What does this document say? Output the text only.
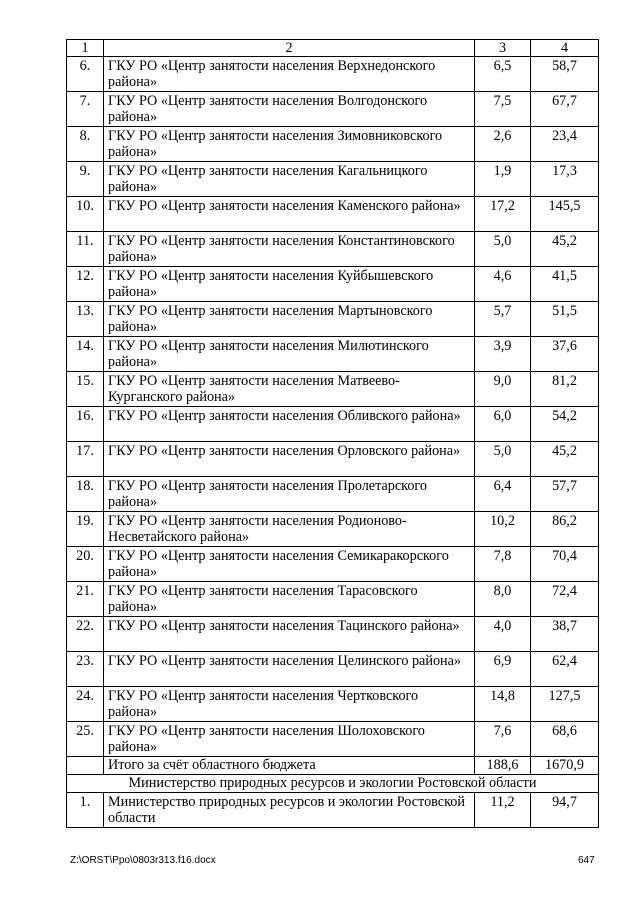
1	2	3	4
6.	ГКУ РО «Центр занятости населения Верхнедонского района»	6,5	58,7
7.	ГКУ РО «Центр занятости населения Волгодонского района»	7,5	67,7
8.	ГКУ РО «Центр занятости населения Зимовниковского района»	2,6	23,4
9.	ГКУ РО «Центр занятости населения Кагальницкого района»	1,9	17,3
10.	ГКУ РО «Центр занятости населения Каменского района»	17,2	145,5
11.	ГКУ РО «Центр занятости населения Константиновского района»	5,0	45,2
12.	ГКУ РО «Центр занятости населения Куйбышевского района»	4,6	41,5
13.	ГКУ РО «Центр занятости населения Мартыновского района»	5,7	51,5
14.	ГКУ РО «Центр занятости населения Милютинского района»	3,9	37,6
15.	ГКУ РО «Центр занятости населения Матвеево-Курганского района»	9,0	81,2
16.	ГКУ РО «Центр занятости населения Обливского района»	6,0	54,2
17.	ГКУ РО «Центр занятости населения Орловского района»	5,0	45,2
18.	ГКУ РО «Центр занятости населения Пролетарского района»	6,4	57,7
19.	ГКУ РО «Центр занятости населения Родионово-Несветайского района»	10,2	86,2
20.	ГКУ РО «Центр занятости населения Семикаракорского района»	7,8	70,4
21.	ГКУ РО «Центр занятости населения Тарасовского района»	8,0	72,4
22.	ГКУ РО «Центр занятости населения Тацинского района»	4,0	38,7
23.	ГКУ РО «Центр занятости населения Целинского района»	6,9	62,4
24.	ГКУ РО «Центр занятости населения Чертковского района»	14,8	127,5
25.	ГКУ РО «Центр занятости населения Шолоховского района»	7,6	68,6
	Итого за счёт областного бюджета	188,6	1670,9
Министерство природных ресурсов и экологии Ростовской области			
1.	Министерство природных ресурсов и экологии Ростовской области	11,2	94,7
Z:\ORST\Ppo\0803r313.f16.docx	647
